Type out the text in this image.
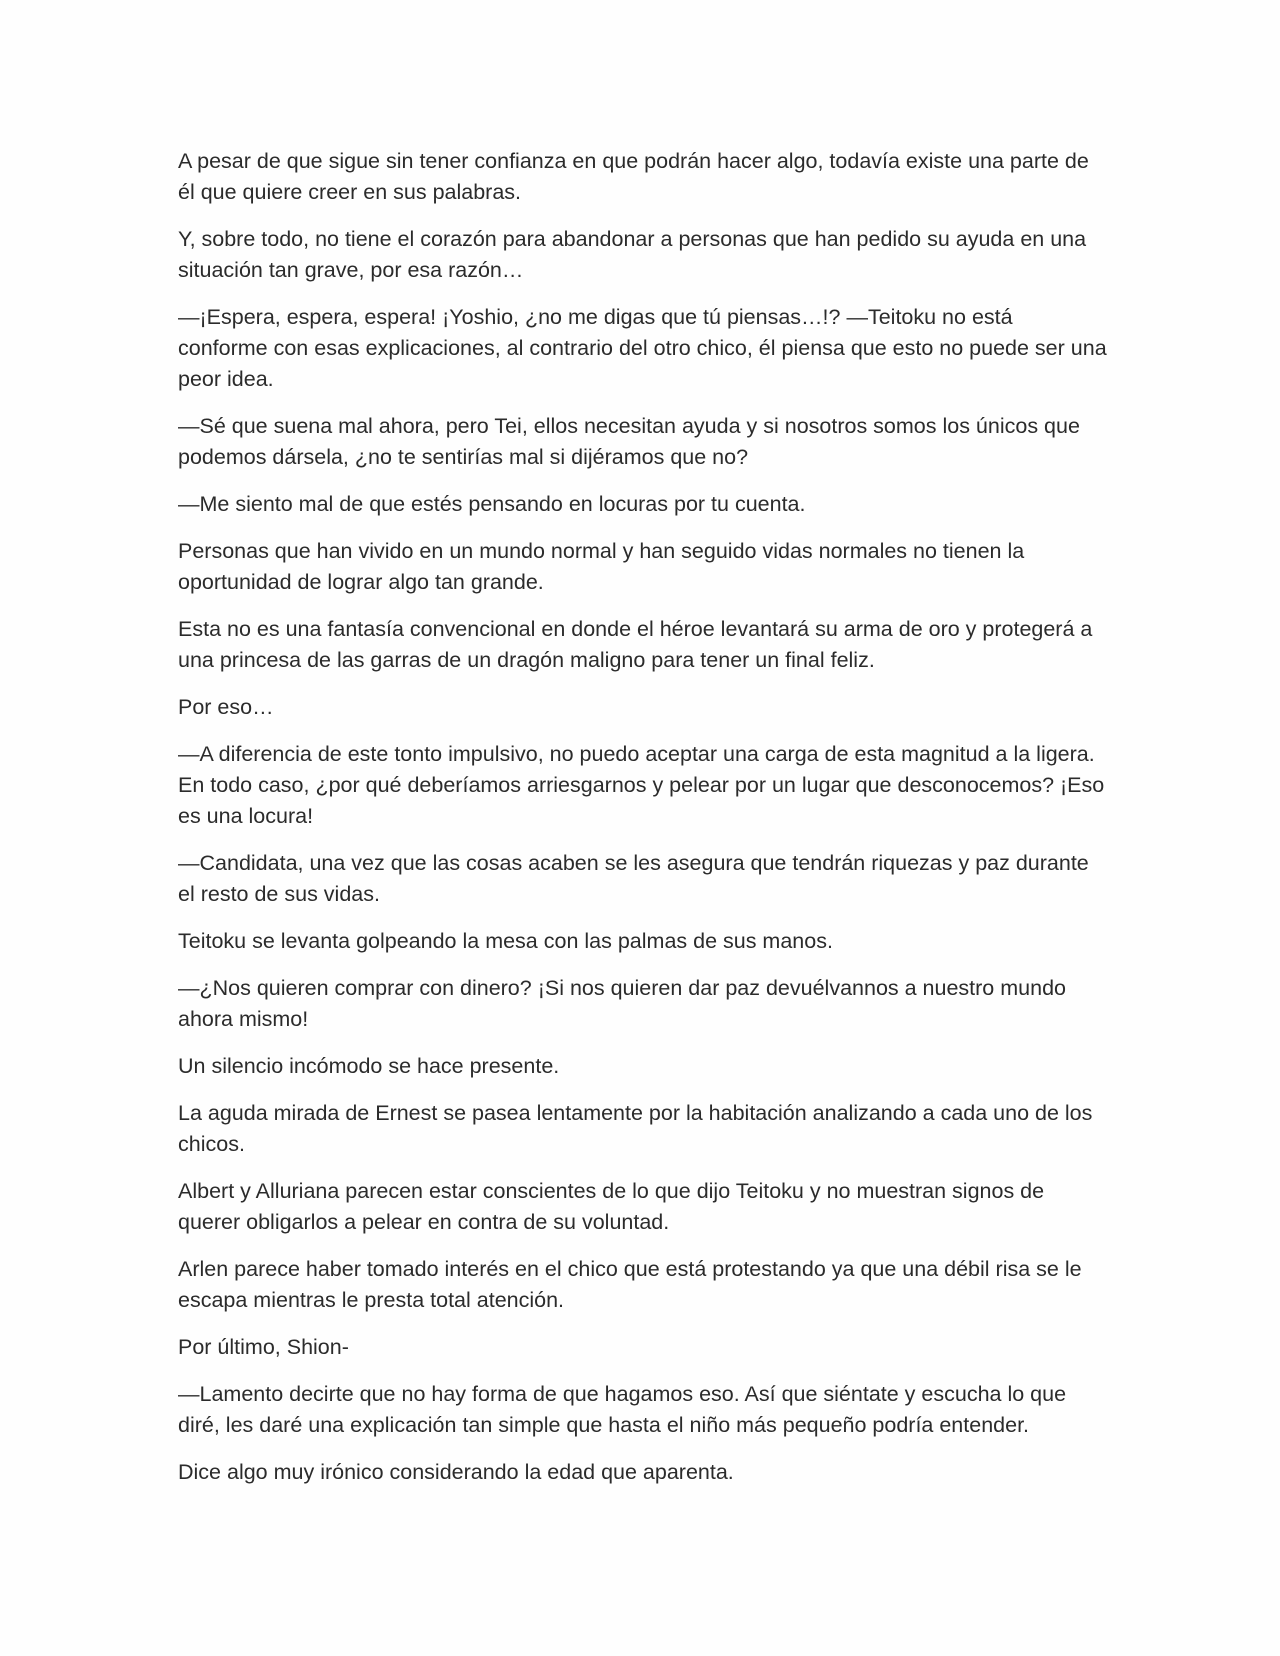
A pesar de que sigue sin tener confianza en que podrán hacer algo, todavía existe una parte de él que quiere creer en sus palabras.

Y, sobre todo, no tiene el corazón para abandonar a personas que han pedido su ayuda en una situación tan grave, por esa razón…

—¡Espera, espera, espera! ¡Yoshio, ¿no me digas que tú piensas…!? —Teitoku no está conforme con esas explicaciones, al contrario del otro chico, él piensa que esto no puede ser una peor idea.

—Sé que suena mal ahora, pero Tei, ellos necesitan ayuda y si nosotros somos los únicos que podemos dársela, ¿no te sentirías mal si dijéramos que no?

—Me siento mal de que estés pensando en locuras por tu cuenta.

Personas que han vivido en un mundo normal y han seguido vidas normales no tienen la oportunidad de lograr algo tan grande.

Esta no es una fantasía convencional en donde el héroe levantará su arma de oro y protegerá a una princesa de las garras de un dragón maligno para tener un final feliz.

Por eso…

—A diferencia de este tonto impulsivo, no puedo aceptar una carga de esta magnitud a la ligera. En todo caso, ¿por qué deberíamos arriesgarnos y pelear por un lugar que desconocemos? ¡Eso es una locura!

—Candidata, una vez que las cosas acaben se les asegura que tendrán riquezas y paz durante el resto de sus vidas.

Teitoku se levanta golpeando la mesa con las palmas de sus manos.

—¿Nos quieren comprar con dinero? ¡Si nos quieren dar paz devuélvannos a nuestro mundo ahora mismo!

Un silencio incómodo se hace presente.

La aguda mirada de Ernest se pasea lentamente por la habitación analizando a cada uno de los chicos.

Albert y Alluriana parecen estar conscientes de lo que dijo Teitoku y no muestran signos de querer obligarlos a pelear en contra de su voluntad.

Arlen parece haber tomado interés en el chico que está protestando ya que una débil risa se le escapa mientras le presta total atención.

Por último, Shion-

—Lamento decirte que no hay forma de que hagamos eso. Así que siéntate y escucha lo que diré, les daré una explicación tan simple que hasta el niño más pequeño podría entender.

Dice algo muy irónico considerando la edad que aparenta.
